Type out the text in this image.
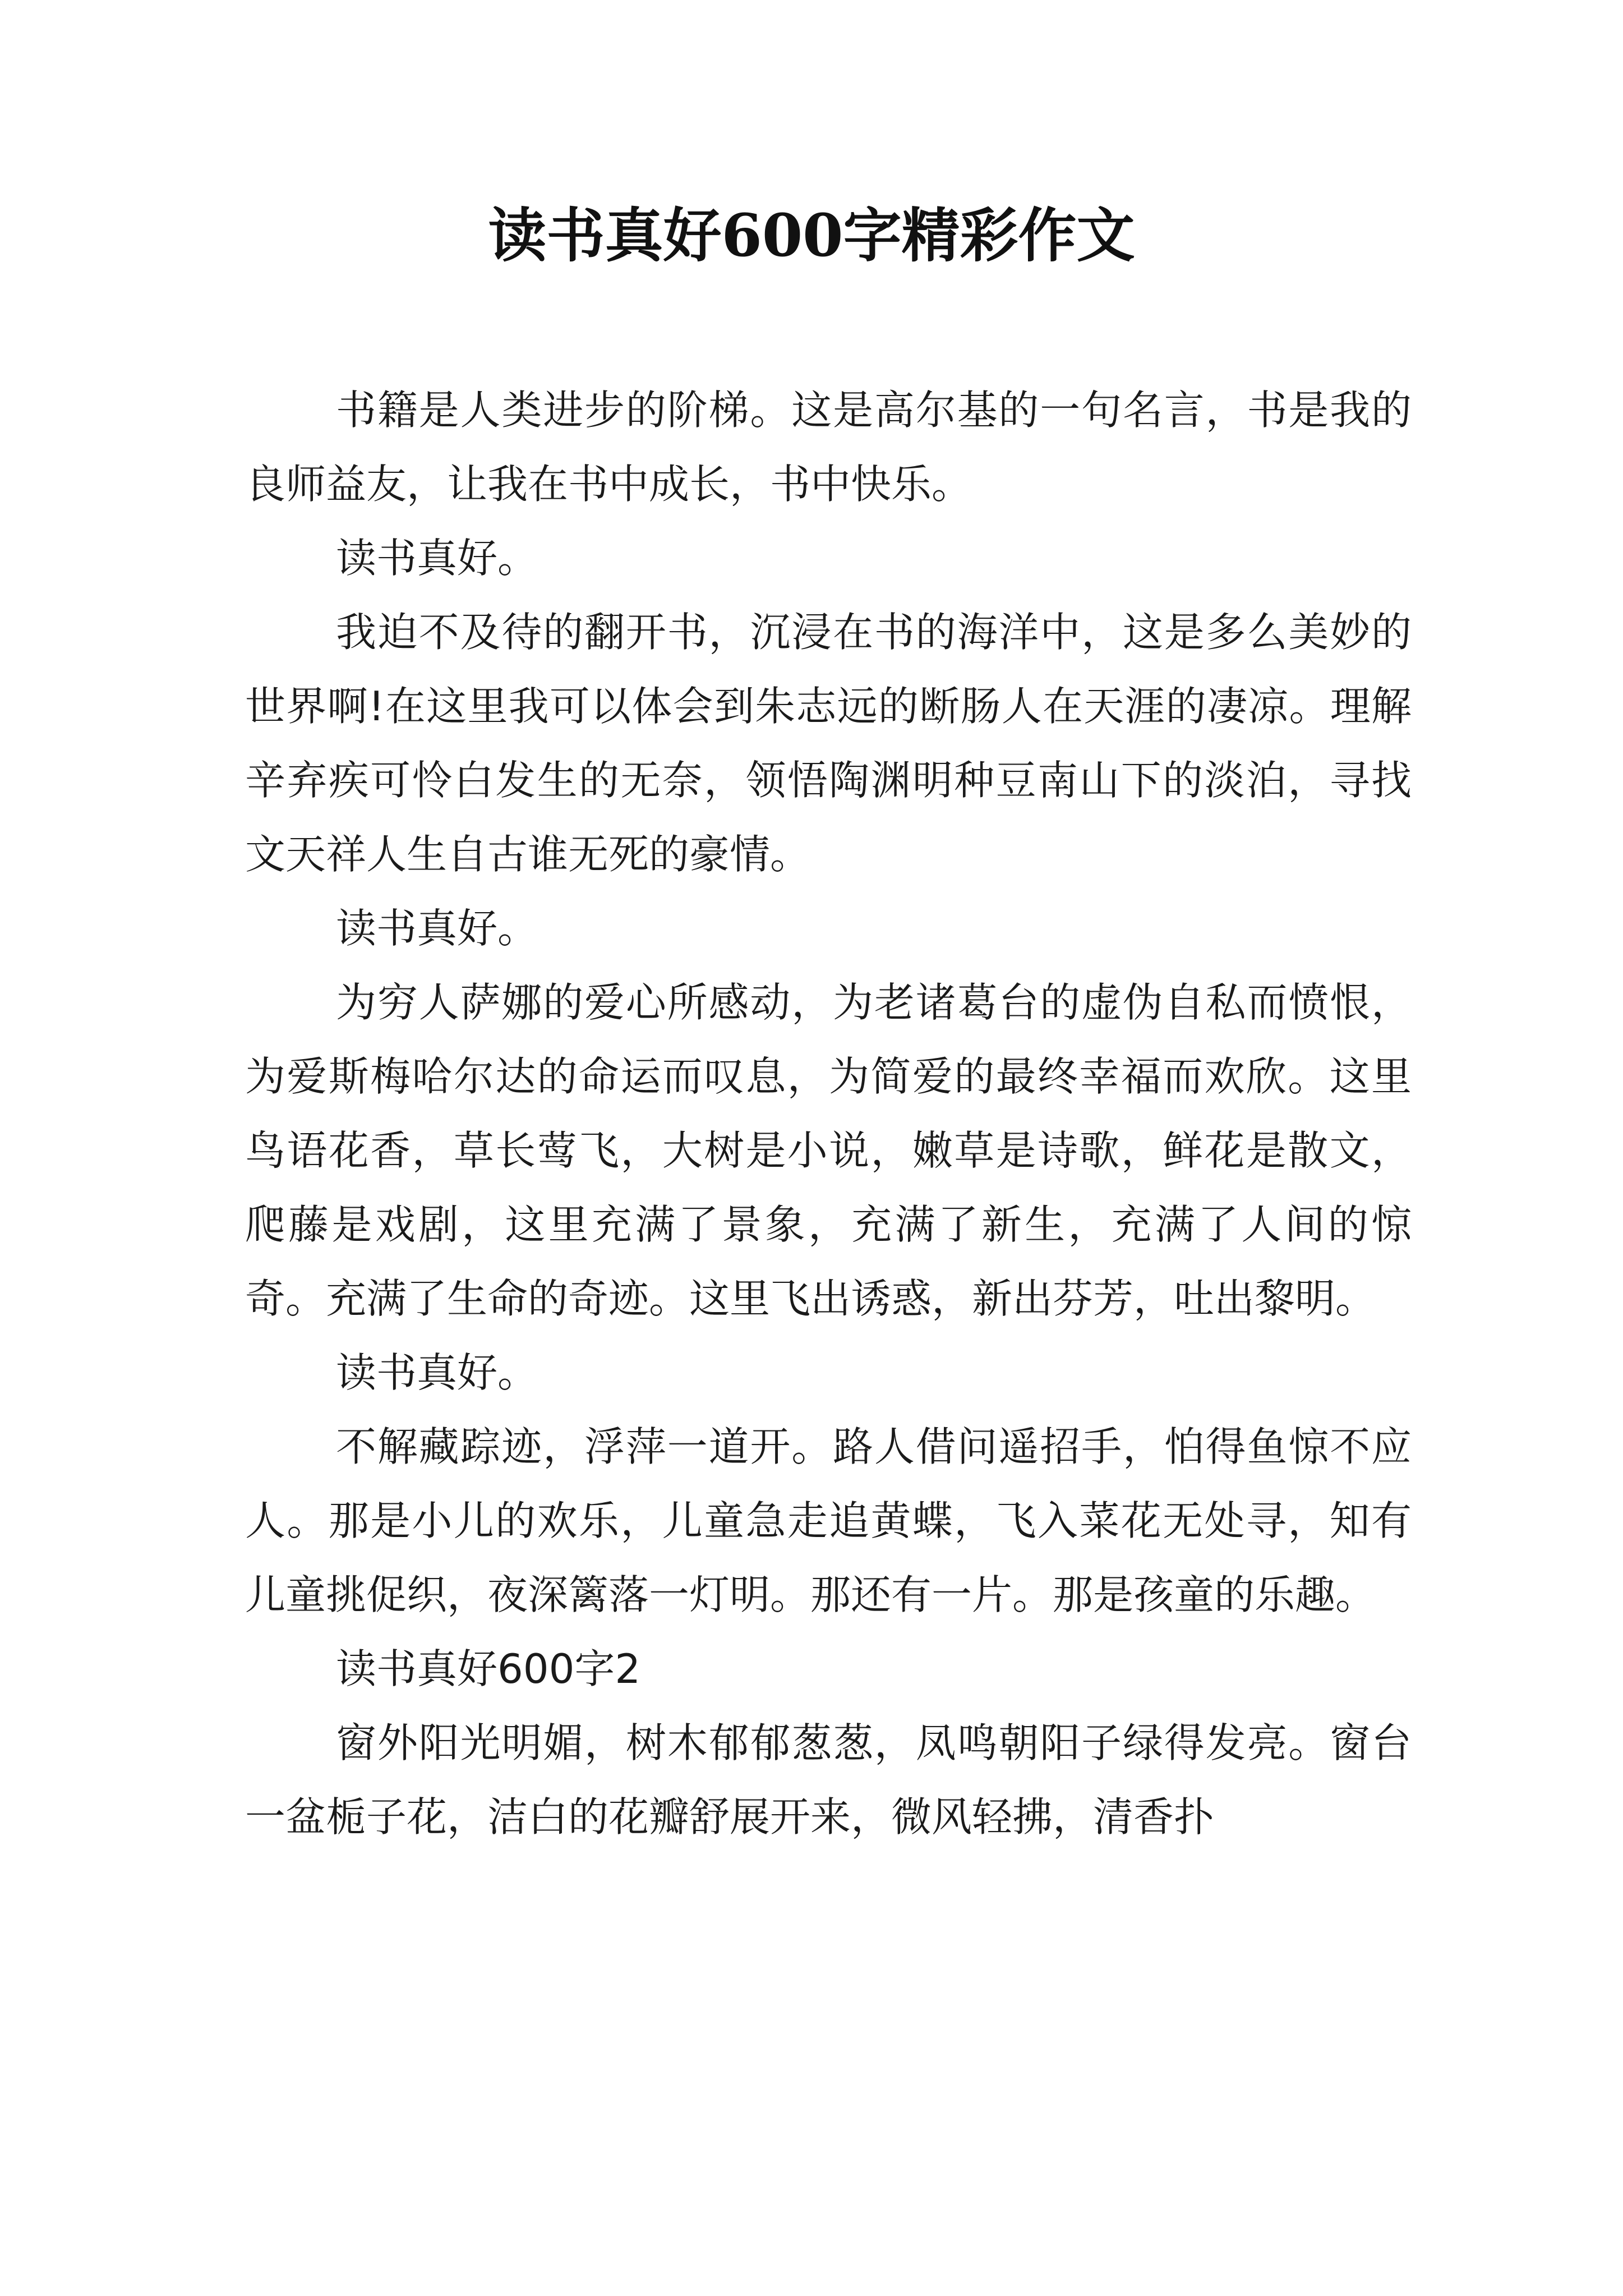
读书真好600字精彩作文

书籍是人类进步的阶梯。这是高尔基的一句名言，书是我的良师益友，让我在书中成长，书中快乐。

读书真好。

我迫不及待的翻开书，沉浸在书的海洋中，这是多么美妙的世界啊!在这里我可以体会到朱志远的断肠人在天涯的凄凉。理解辛弃疾可怜白发生的无奈，领悟陶渊明种豆南山下的淡泊，寻找文天祥人生自古谁无死的豪情。

读书真好。

为穷人萨娜的爱心所感动，为老诸葛台的虚伪自私而愤恨，为爱斯梅哈尔达的命运而叹息，为简爱的最终幸福而欢欣。这里鸟语花香，草长莺飞，大树是小说，嫩草是诗歌，鲜花是散文，爬藤是戏剧，这里充满了景象，充满了新生，充满了人间的惊奇。充满了生命的奇迹。这里飞出诱惑，新出芬芳，吐出黎明。

读书真好。

不解藏踪迹，浮萍一道开。路人借问遥招手，怕得鱼惊不应人。那是小儿的欢乐，儿童急走追黄蝶，飞入菜花无处寻，知有儿童挑促织，夜深篱落一灯明。那还有一片。那是孩童的乐趣。

读书真好600字2

窗外阳光明媚，树木郁郁葱葱，凤鸣朝阳子绿得发亮。窗台一盆栀子花，洁白的花瓣舒展开来，微风轻拂，清香扑
